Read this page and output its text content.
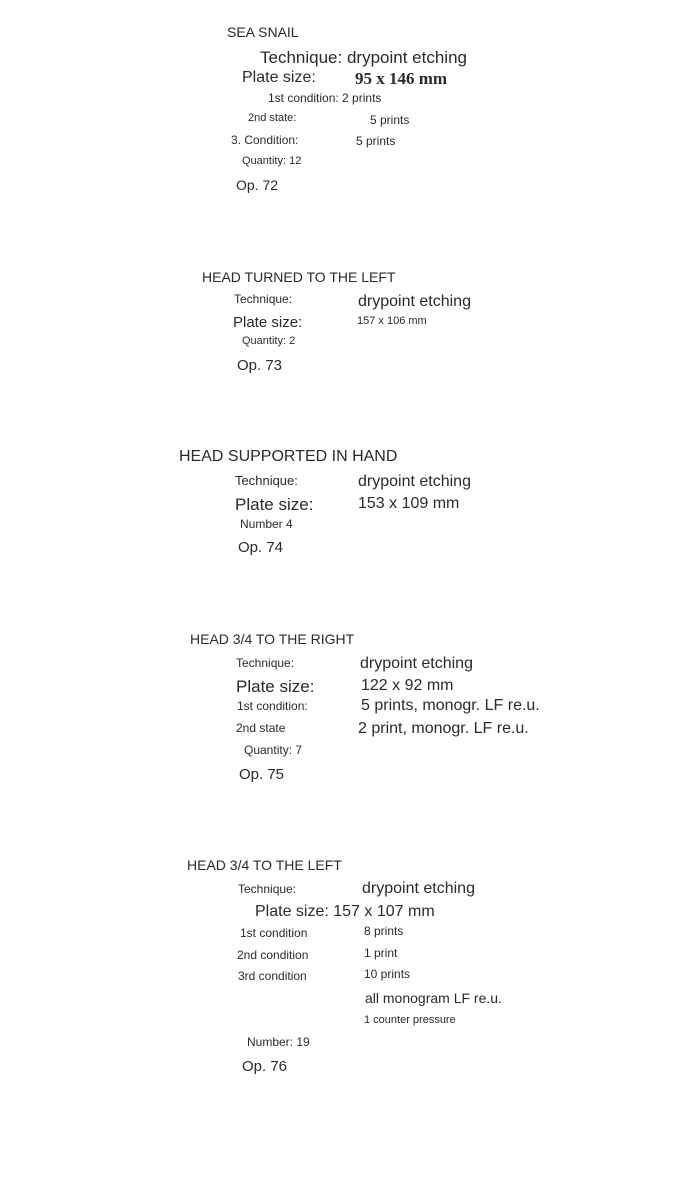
SEA SNAIL
Technique: drypoint etching
Plate size: 95 x 146 mm
1st condition: 2 prints
2nd state:	5 prints
3. Condition:	5 prints
Quantity: 12
Op. 72
HEAD TURNED TO THE LEFT
Technique:	drypoint etching
Plate size:	157 x 106 mm
Quantity: 2
Op. 73
HEAD SUPPORTED IN HAND
Technique:	drypoint etching
Plate size:	153 x 109 mm
Number 4
Op. 74
HEAD 3/4 TO THE RIGHT
Technique:	drypoint etching
Plate size:	122 x 92 mm
1st condition:	5 prints, monogr. LF re.u.
2nd state	2 print, monogr. LF re.u.
Quantity: 7
Op. 75
HEAD 3/4 TO THE LEFT
Technique:	drypoint etching
Plate size: 157 x 107 mm
1st condition	8 prints
2nd condition	1 print
3rd condition	10 prints
all monogram LF re.u.
1 counter pressure
Number: 19
Op. 76
